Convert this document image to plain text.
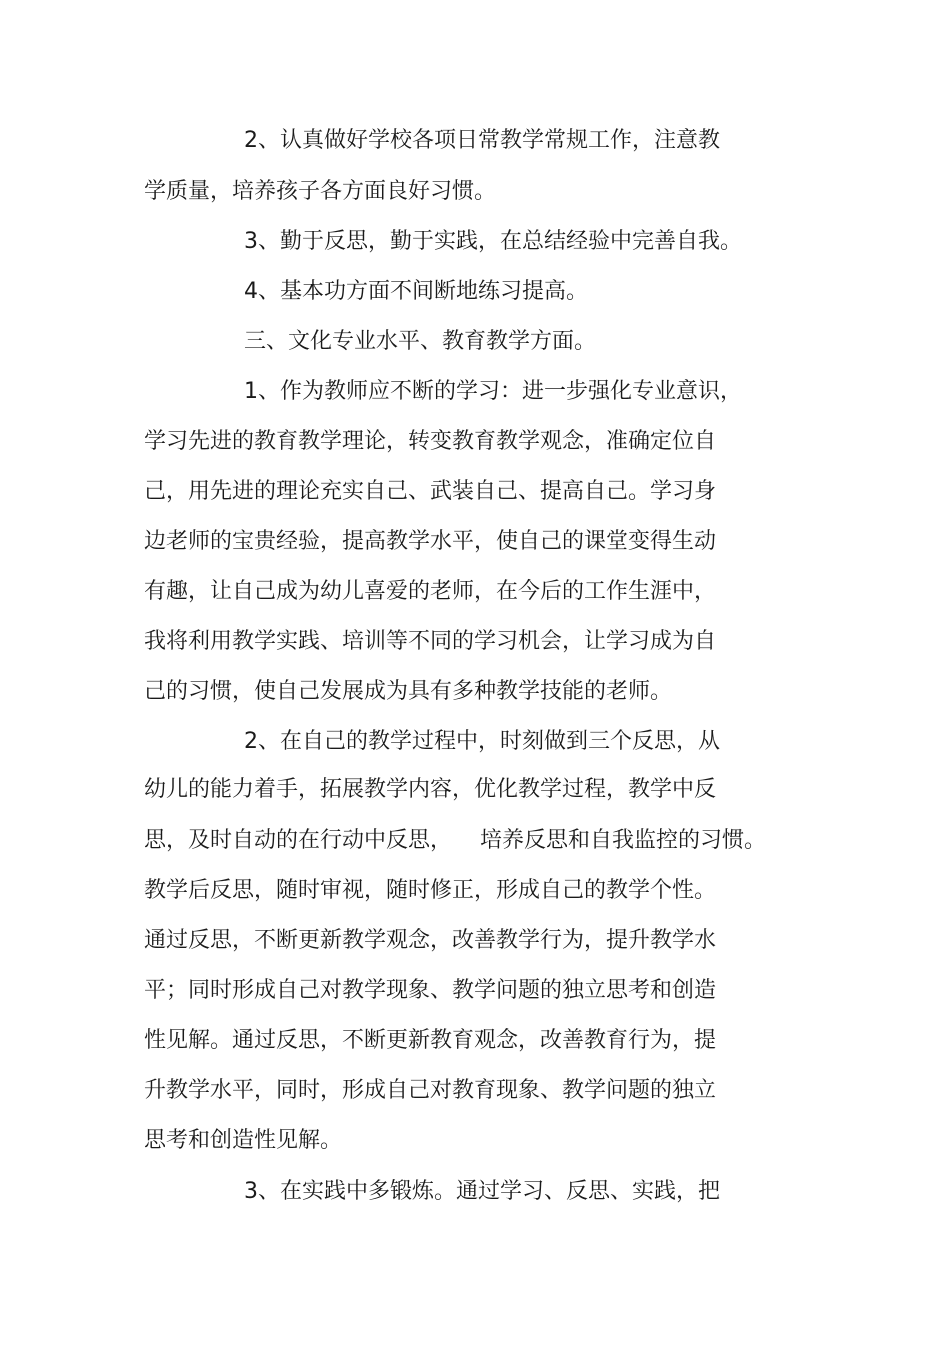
2、认真做好学校各项日常教学常规工作，注意教
学质量，培养孩子各方面良好习惯。
3、勤于反思，勤于实践，在总结经验中完善自我。
4、基本功方面不间断地练习提高。
三、文化专业水平、教育教学方面。
1、作为教师应不断的学习：进一步强化专业意识，
学习先进的教育教学理论，转变教育教学观念，准确定位自
己，用先进的理论充实自己、武装自己、提高自己。学习身
边老师的宝贵经验，提高教学水平，使自己的课堂变得生动
有趣，让自己成为幼儿喜爱的老师，在今后的工作生涯中，
我将利用教学实践、培训等不同的学习机会，让学习成为自
己的习惯，使自己发展成为具有多种教学技能的老师。
2、在自己的教学过程中，时刻做到三个反思，从
幼儿的能力着手，拓展教学内容，优化教学过程，教学中反
思，及时自动的在行动中反思，    培养反思和自我监控的习惯。
教学后反思，随时审视，随时修正，形成自己的教学个性。
通过反思，不断更新教学观念，改善教学行为，提升教学水
平；同时形成自己对教学现象、教学问题的独立思考和创造
性见解。通过反思，不断更新教育观念，改善教育行为，提
升教学水平，同时，形成自己对教育现象、教学问题的独立
思考和创造性见解。
3、在实践中多锻炼。通过学习、反思、实践，把
